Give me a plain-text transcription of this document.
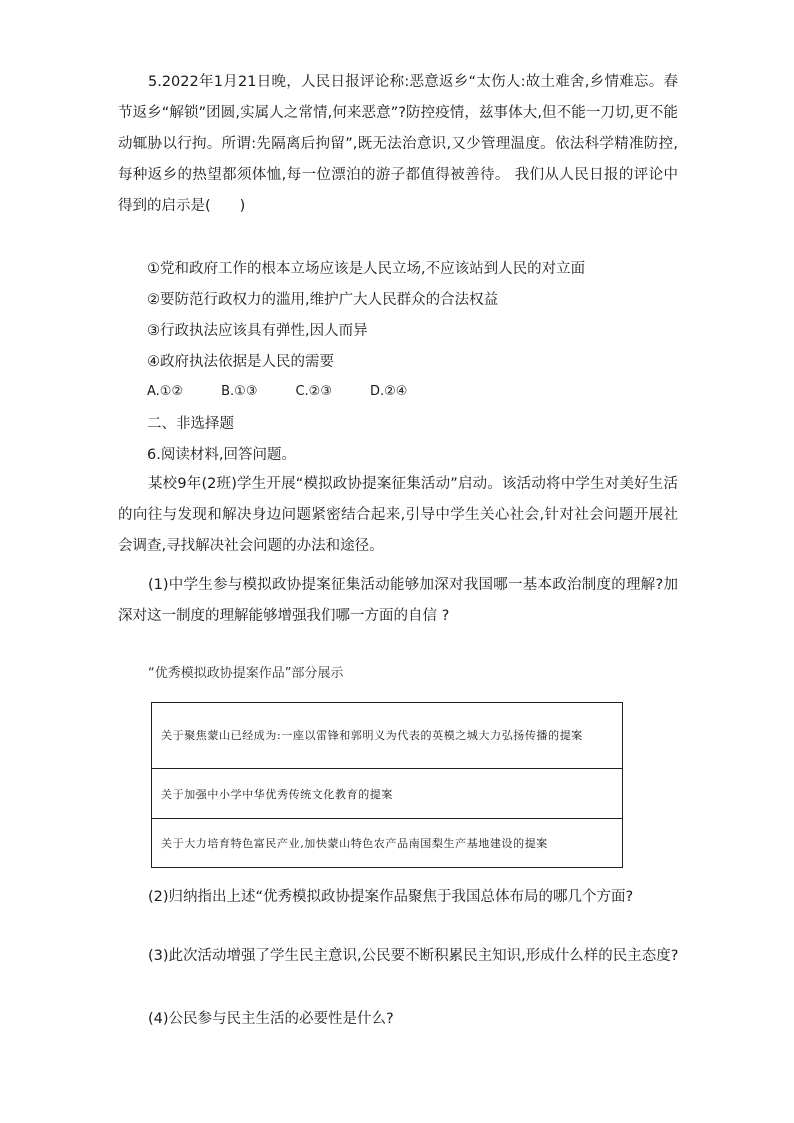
5.2022年1月21日晚，人民日报评论称:恶意返乡“太伤人:故土难舍,乡情难忘。春节返乡“解锁”团圆,实属人之常情,何来恶意”?防控疫情，兹事体大,但不能一刀切,更不能动辄胁以行拘。所谓:先隔离后拘留”,既无法治意识,又少管理温度。依法科学精准防控,每种返乡的热望都须体恤,每一位漂泊的游子都值得被善待。 我们从人民日报的评论中得到的启示是(　　)
①党和政府工作的根本立场应该是人民立场,不应该站到人民的对立面
②要防范行政权力的滥用,维护广大人民群众的合法权益
③行政执法应该具有弹性,因人而异
④政府执法依据是人民的需要
A.①②	B.①③	C.②③	D.②④
二、非选择题
6.阅读材料,回答问题。
某校9年(2班)学生开展“模拟政协提案征集活动”启动。该活动将中学生对美好生活的向往与发现和解决身边问题紧密结合起来,引导中学生关心社会,针对社会问题开展社会调查,寻找解决社会问题的办法和途径。
(1)中学生参与模拟政协提案征集活动能够加深对我国哪一基本政治制度的理解?加深对这一制度的理解能够增强我们哪一方面的自信 ?
“优秀模拟政协提案作品”部分展示
关于聚焦蒙山已经成为:一座以雷锋和郭明义为代表的英模之城大力弘扬传播的提案
关于加强中小学中华优秀传统文化教育的提案
关于大力培育特色富民产业,加快蒙山特色农产品南国梨生产基地建设的提案
(2)归纳指出上述“优秀模拟政协提案作品聚焦于我国总体布局的哪几个方面?
(3)此次活动增强了学生民主意识,公民要不断积累民主知识,形成什么样的民主态度?
(4)公民参与民主生活的必要性是什么?
